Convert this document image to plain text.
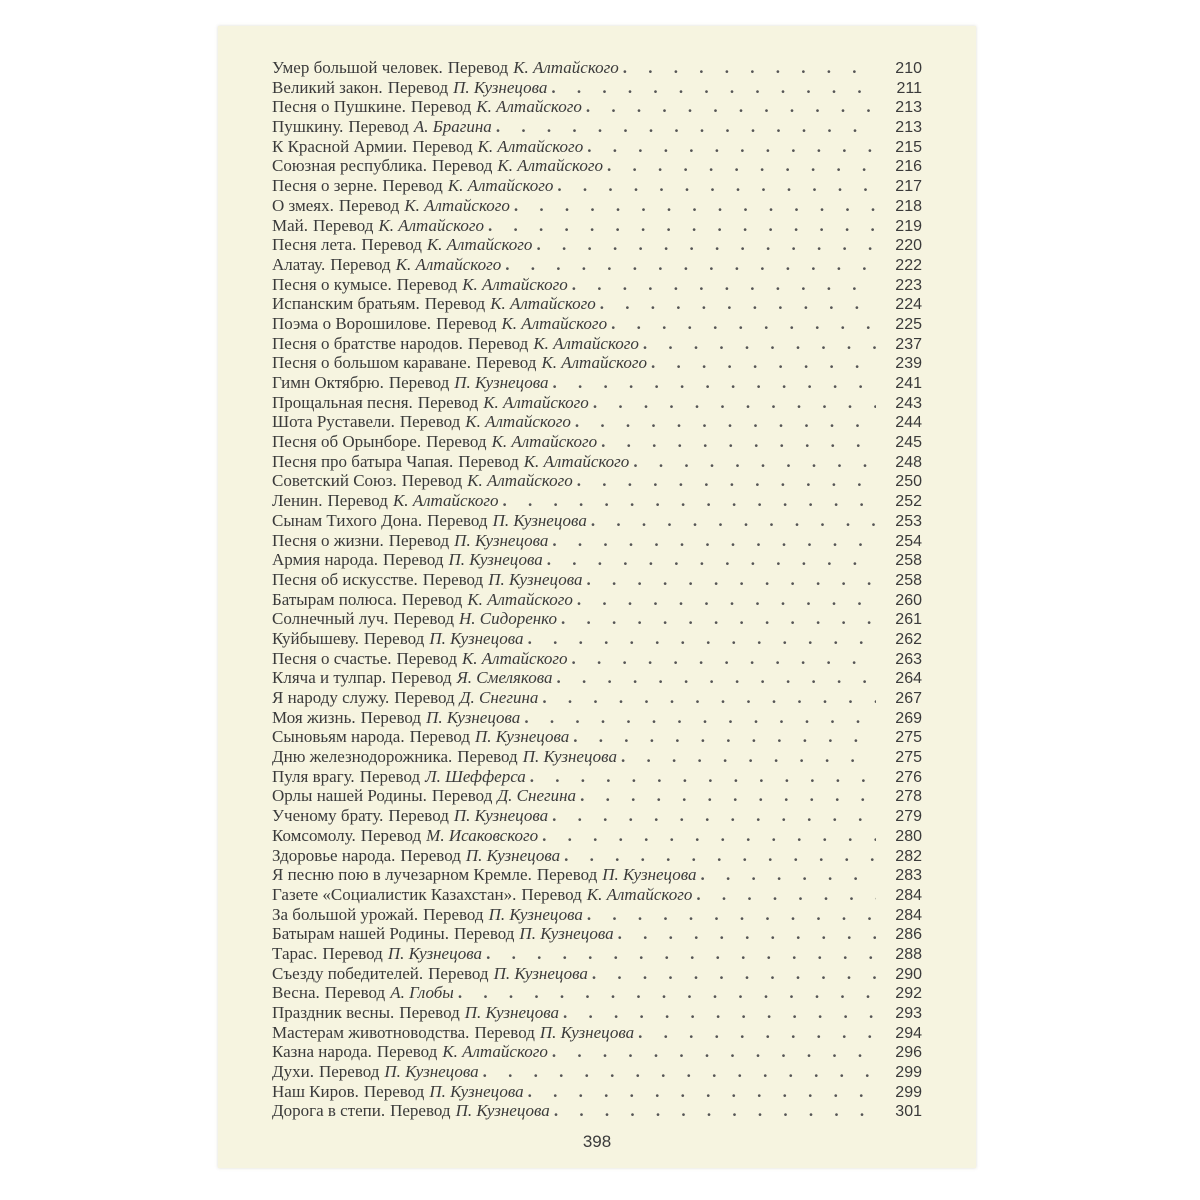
Умер большой человек. Перевод К. Алтайского . . .	210
Великий закон. Перевод П. Кузнецова . . .	211
Песня о Пушкине. Перевод К. Алтайского . . .	213
Пушкину. Перевод А. Брагина . . .	213
К Красной Армии. Перевод К. Алтайского . . .	215
Союзная республика. Перевод К. Алтайского . . .	216
Песня о зерне. Перевод К. Алтайского . . .	217
О змеях. Перевод К. Алтайского . . .	218
Май. Перевод К. Алтайского . . .	219
Песня лета. Перевод К. Алтайского . . .	220
Алатау. Перевод К. Алтайского . . .	222
Песня о кумысе. Перевод К. Алтайского . . .	223
Испанским братьям. Перевод К. Алтайского . . .	224
Поэма о Ворошилове. Перевод К. Алтайского . . .	225
Песня о братстве народов. Перевод К. Алтайского . . .	237
Песня о большом караване. Перевод К. Алтайского . . .	239
Гимн Октябрю. Перевод П. Кузнецова . . .	241
Прощальная песня. Перевод К. Алтайского . . .	243
Шота Руставели. Перевод К. Алтайского . . .	244
Песня об Орынборе. Перевод К. Алтайского . . .	245
Песня про батыра Чапая. Перевод К. Алтайского . . .	248
Советский Союз. Перевод К. Алтайского . . .	250
Ленин. Перевод К. Алтайского . . .	252
Сынам Тихого Дона. Перевод П. Кузнецова . . .	253
Песня о жизни. Перевод П. Кузнецова . . .	254
Армия народа. Перевод П. Кузнецова . . .	258
Песня об искусстве. Перевод П. Кузнецова . . .	258
Батырам полюса. Перевод К. Алтайского . . .	260
Солнечный луч. Перевод Н. Сидоренко . . .	261
Куйбышеву. Перевод П. Кузнецова . . .	262
Песня о счастье. Перевод К. Алтайского . . .	263
Кляча и тулпар. Перевод Я. Смелякова . . .	264
Я народу служу. Перевод Д. Снегина . . .	267
Моя жизнь. Перевод П. Кузнецова . . .	269
Сыновьям народа. Перевод П. Кузнецова . . .	275
Дню железнодорожника. Перевод П. Кузнецова . . .	275
Пуля врагу. Перевод Л. Шефферса . . .	276
Орлы нашей Родины. Перевод Д. Снегина . . .	278
Ученому брату. Перевод П. Кузнецова . . .	279
Комсомолу. Перевод М. Исаковского . . .	280
Здоровье народа. Перевод П. Кузнецова . . .	282
Я песню пою в лучезарном Кремле. Перевод П. Кузнецова . . .	283
Газете «Социалистик Казахстан». Перевод К. Алтайского . . .	284
За большой урожай. Перевод П. Кузнецова . . .	284
Батырам нашей Родины. Перевод П. Кузнецова . . .	286
Тарас. Перевод П. Кузнецова . . .	288
Съезду победителей. Перевод П. Кузнецова . . .	290
Весна. Перевод А. Глобы . . .	292
Праздник весны. Перевод П. Кузнецова . . .	293
Мастерам животноводства. Перевод П. Кузнецова . . .	294
Казна народа. Перевод К. Алтайского . . .	296
Духи. Перевод П. Кузнецова . . .	299
Наш Киров. Перевод П. Кузнецова . . .	299
Дорога в степи. Перевод П. Кузнецова . . .	301
398
